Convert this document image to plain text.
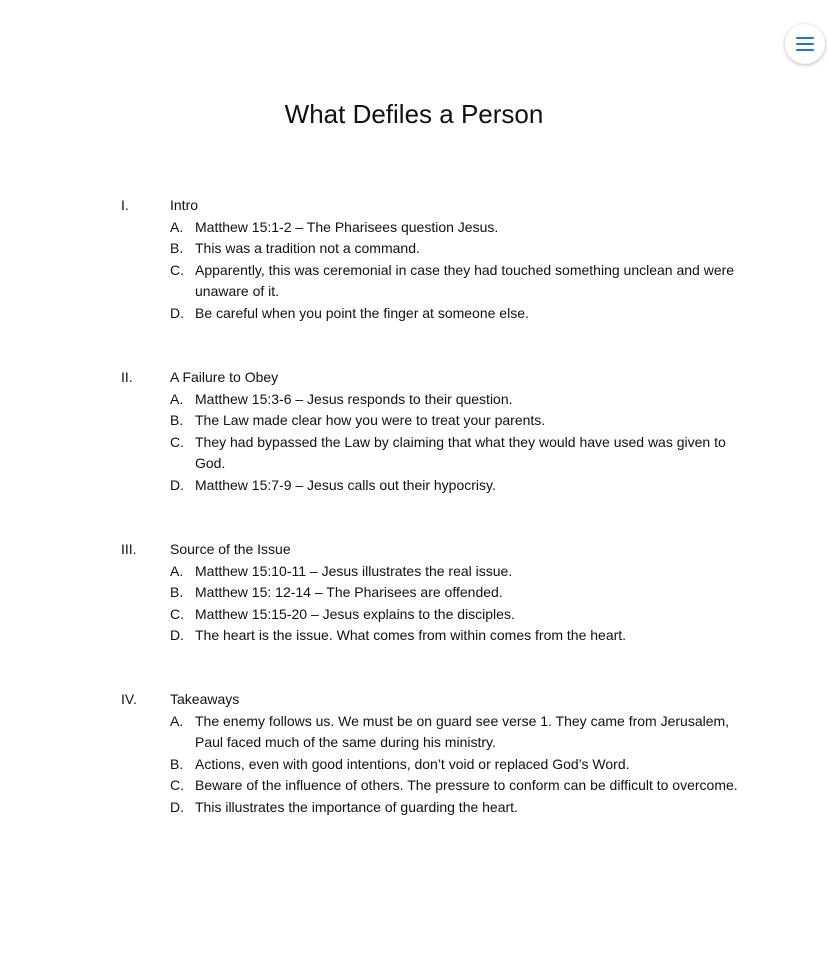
What Defiles a Person
I.	Intro
A. Matthew 15:1-2 – The Pharisees question Jesus.
B. This was a tradition not a command.
C. Apparently, this was ceremonial in case they had touched something unclean and were unaware of it.
D. Be careful when you point the finger at someone else.
II.	A Failure to Obey
A. Matthew 15:3-6 – Jesus responds to their question.
B. The Law made clear how you were to treat your parents.
C. They had bypassed the Law by claiming that what they would have used was given to God.
D. Matthew 15:7-9 – Jesus calls out their hypocrisy.
III. Source of the Issue
A. Matthew 15:10-11 – Jesus illustrates the real issue.
B. Matthew 15: 12-14 – The Pharisees are offended.
C. Matthew 15:15-20 – Jesus explains to the disciples.
D. The heart is the issue. What comes from within comes from the heart.
IV. Takeaways
A. The enemy follows us. We must be on guard see verse 1. They came from Jerusalem, Paul faced much of the same during his ministry.
B. Actions, even with good intentions, don’t void or replaced God’s Word.
C. Beware of the influence of others. The pressure to conform can be difficult to overcome.
D. This illustrates the importance of guarding the heart.
